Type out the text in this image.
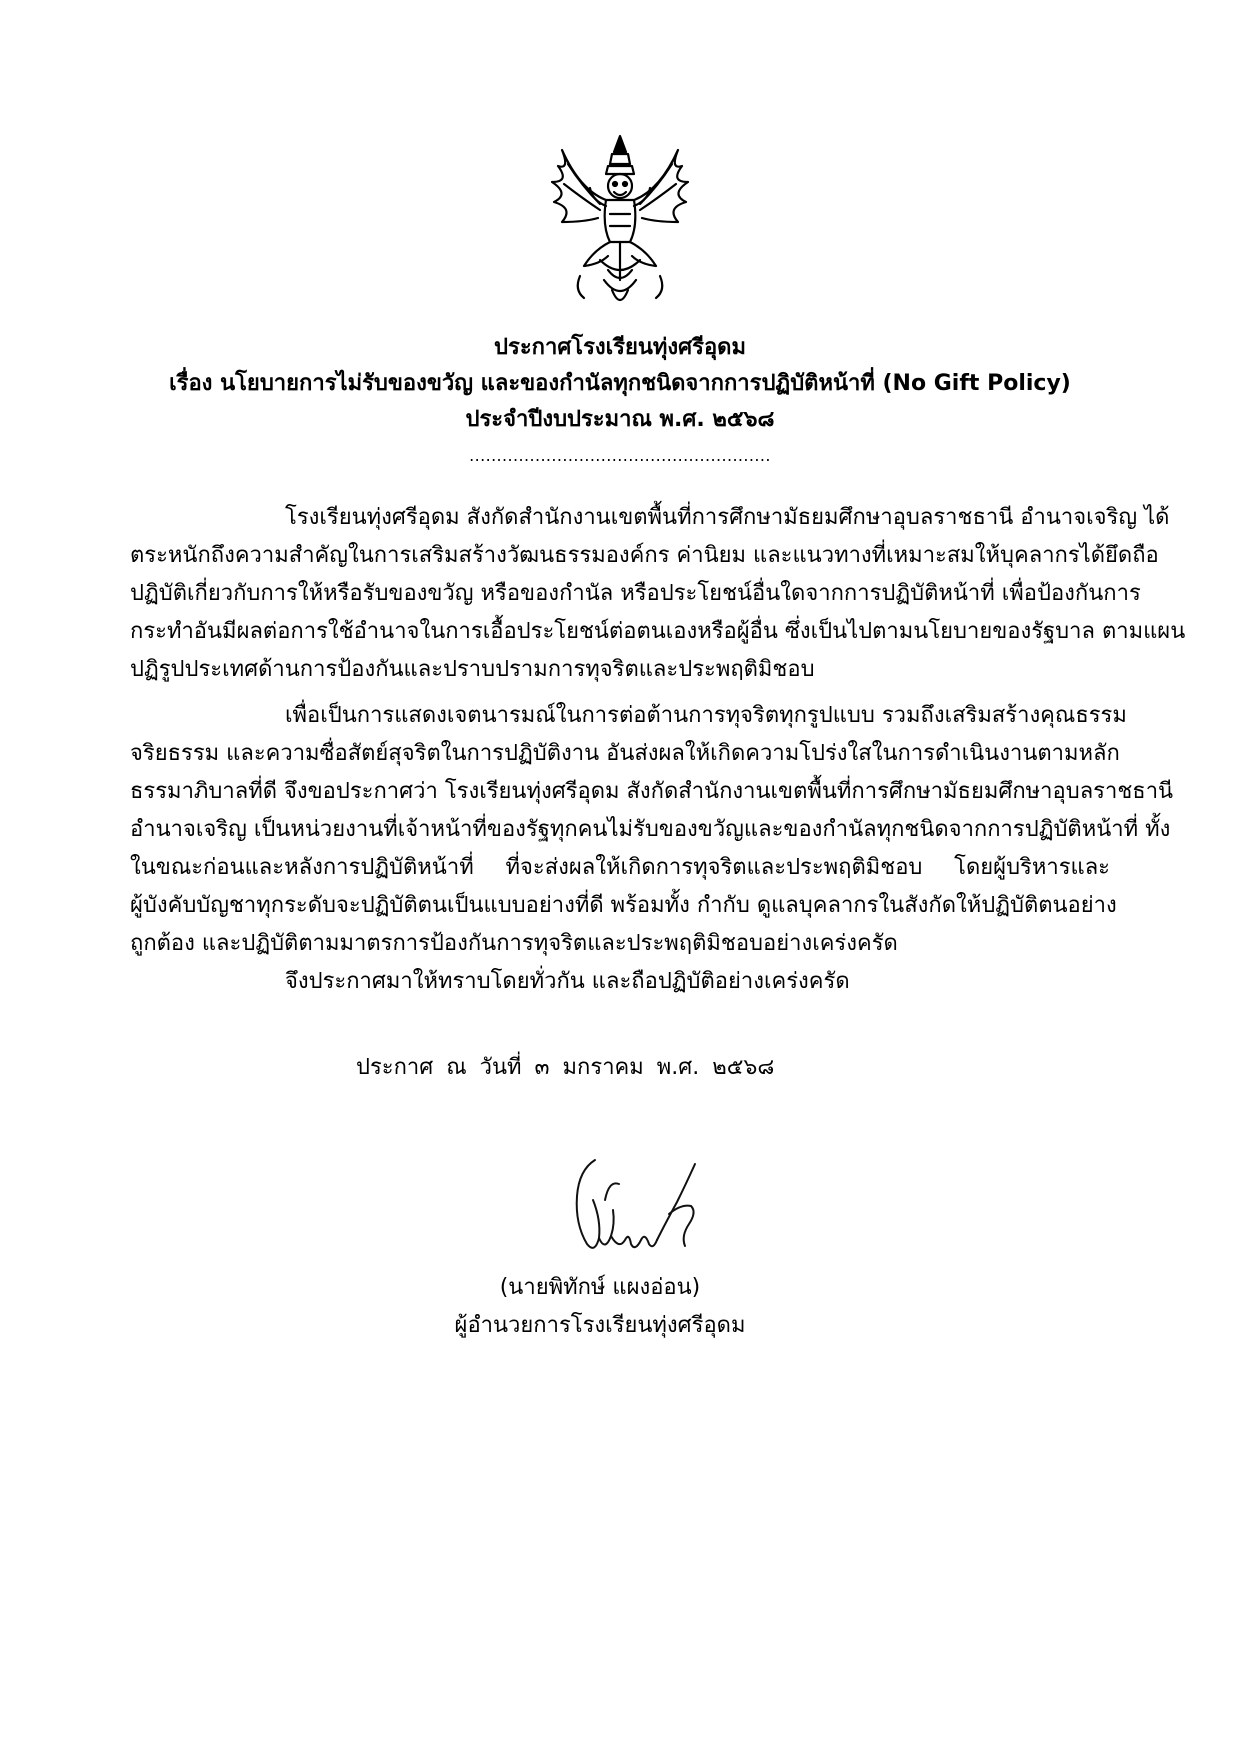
ประกาศโรงเรียนทุ่งศรีอุดม
เรื่อง นโยบายการไม่รับของขวัญ และของกำนัลทุกชนิดจากการปฏิบัติหน้าที่ (No Gift Policy)
ประจำปีงบประมาณ พ.ศ. ๒๕๖๘
.......................................................
โรงเรียนทุ่งศรีอุดม สังกัดสำนักงานเขตพื้นที่การศึกษามัธยมศึกษาอุบลราชธานี อำนาจเจริญ ได้
ตระหนักถึงความสำคัญในการเสริมสร้างวัฒนธรรมองค์กร ค่านิยม และแนวทางที่เหมาะสมให้บุคลากรได้ยึดถือ
ปฏิบัติเกี่ยวกับการให้หรือรับของขวัญ หรือของกำนัล หรือประโยชน์อื่นใดจากการปฏิบัติหน้าที่ เพื่อป้องกันการ
กระทำอันมีผลต่อการใช้อำนาจในการเอื้อประโยชน์ต่อตนเองหรือผู้อื่น ซึ่งเป็นไปตามนโยบายของรัฐบาล ตามแผน
ปฏิรูปประเทศด้านการป้องกันและปราบปรามการทุจริตและประพฤติมิชอบ
เพื่อเป็นการแสดงเจตนารมณ์ในการต่อต้านการทุจริตทุกรูปแบบ รวมถึงเสริมสร้างคุณธรรม
จริยธรรม และความซื่อสัตย์สุจริตในการปฏิบัติงาน อันส่งผลให้เกิดความโปร่งใสในการดำเนินงานตามหลัก
ธรรมาภิบาลที่ดี จึงขอประกาศว่า โรงเรียนทุ่งศรีอุดม สังกัดสำนักงานเขตพื้นที่การศึกษามัธยมศึกษาอุบลราชธานี
อำนาจเจริญ เป็นหน่วยงานที่เจ้าหน้าที่ของรัฐทุกคนไม่รับของขวัญและของกำนัลทุกชนิดจากการปฏิบัติหน้าที่ ทั้ง
ในขณะก่อนและหลังการปฏิบัติหน้าที่ ที่จะส่งผลให้เกิดการทุจริตและประพฤติมิชอบ โดยผู้บริหารและ
ผู้บังคับบัญชาทุกระดับจะปฏิบัติตนเป็นแบบอย่างที่ดี พร้อมทั้ง กำกับ ดูแลบุคลากรในสังกัดให้ปฏิบัติตนอย่าง
ถูกต้อง และปฏิบัติตามมาตรการป้องกันการทุจริตและประพฤติมิชอบอย่างเคร่งครัด
จึงประกาศมาให้ทราบโดยทั่วกัน และถือปฏิบัติอย่างเคร่งครัด
ประกาศ ณ วันที่ ๓ มกราคม พ.ศ. ๒๕๖๘
(นายพิทักษ์ แผงอ่อน)
ผู้อำนวยการโรงเรียนทุ่งศรีอุดม
